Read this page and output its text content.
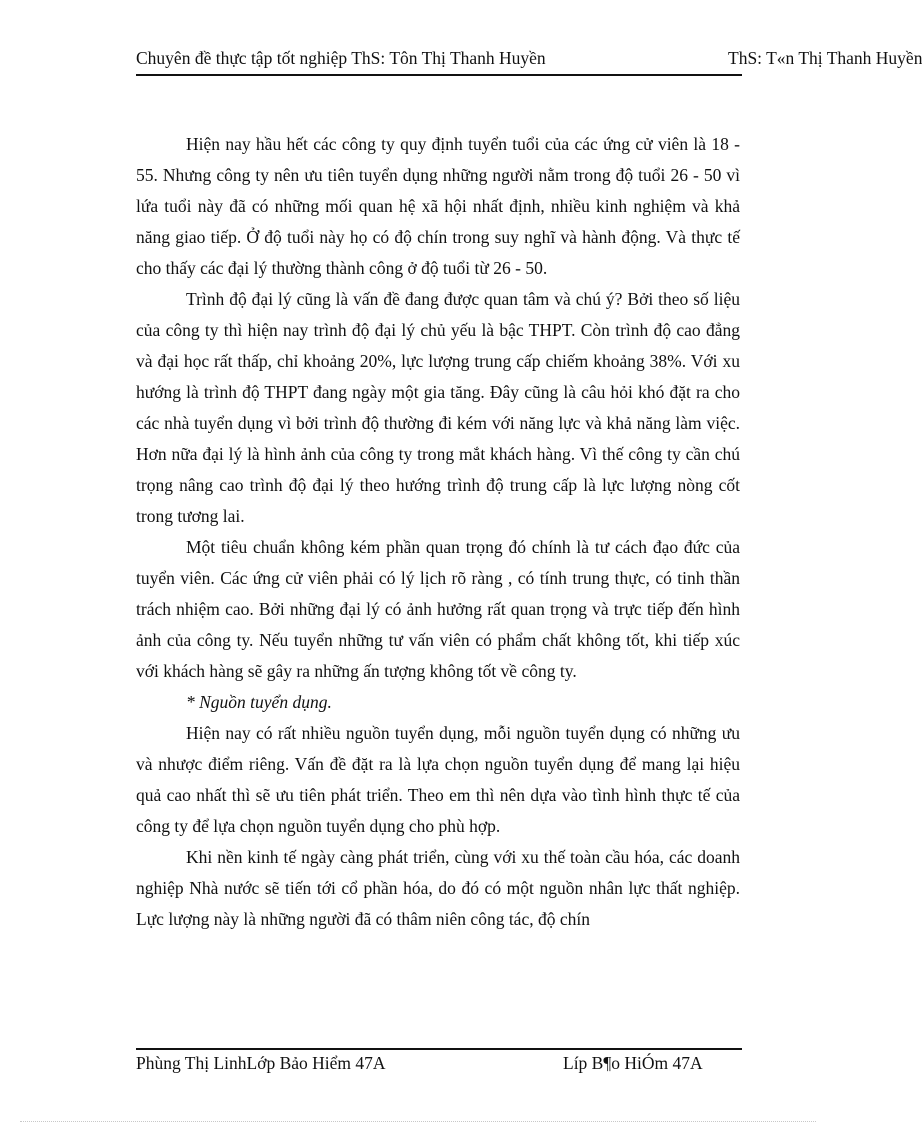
Chuyên đề thực tập tốt nghiệp ThS: Tôn Thị Thanh Huyền	ThS: T«n Thị Thanh Huyền

Hiện nay hầu hết các công ty quy định tuyển tuổi của các ứng cử viên là 18 - 55. Nhưng công ty nên ưu tiên tuyển dụng những người nằm trong độ tuổi 26 - 50 vì lứa tuổi này đã có những mối quan hệ xã hội nhất định, nhiều kinh nghiệm và khả năng giao tiếp. Ở độ tuổi này họ có độ chín trong suy nghĩ và hành động. Và thực tế cho thấy các đại lý thường thành công ở độ tuổi từ 26 - 50.

Trình độ đại lý cũng là vấn đề đang được quan tâm và chú ý? Bởi theo số liệu của công ty thì hiện nay trình độ đại lý chủ yếu là bậc THPT. Còn trình độ cao đẳng và đại học rất thấp, chỉ khoảng 20%, lực lượng trung cấp chiếm khoảng 38%. Với xu hướng là trình độ THPT đang ngày một gia tăng. Đây cũng là câu hỏi khó đặt ra cho các nhà tuyển dụng vì bởi trình độ thường đi kém với năng lực và khả năng làm việc. Hơn nữa đại lý là hình ảnh của công ty trong mắt khách hàng. Vì thế công ty cần chú trọng nâng cao trình độ đại lý theo hướng trình độ trung cấp là lực lượng nòng cốt trong tương lai.

Một tiêu chuẩn không kém phần quan trọng đó chính là tư cách đạo đức của tuyển viên. Các ứng cử viên phải có lý lịch rõ ràng , có tính trung thực, có tinh thần trách nhiệm cao. Bởi những đại lý có ảnh hưởng rất quan trọng và trực tiếp đến hình ảnh của công ty. Nếu tuyển những tư vấn viên có phẩm chất không tốt, khi tiếp xúc với khách hàng sẽ gây ra những ấn tượng không tốt về công ty.

* Nguồn tuyển dụng.

Hiện nay có rất nhiều nguồn tuyển dụng, mỗi nguồn tuyển dụng có những ưu và nhược điểm riêng. Vấn đề đặt ra là lựa chọn nguồn tuyển dụng để mang lại hiệu quả cao nhất thì sẽ ưu tiên phát triển. Theo em thì nên dựa vào tình hình thực tế của công ty để lựa chọn nguồn tuyển dụng cho phù hợp.

Khi nền kinh tế ngày càng phát triển, cùng với xu thế toàn cầu hóa, các doanh nghiệp Nhà nước sẽ tiến tới cổ phần hóa, do đó có một nguồn nhân lực thất nghiệp. Lực lượng này là những người đã có thâm niên công tác, độ chín

Phùng Thị LinhLớp Bảo Hiểm 47A	Líp B¶o HiÓm 47A
